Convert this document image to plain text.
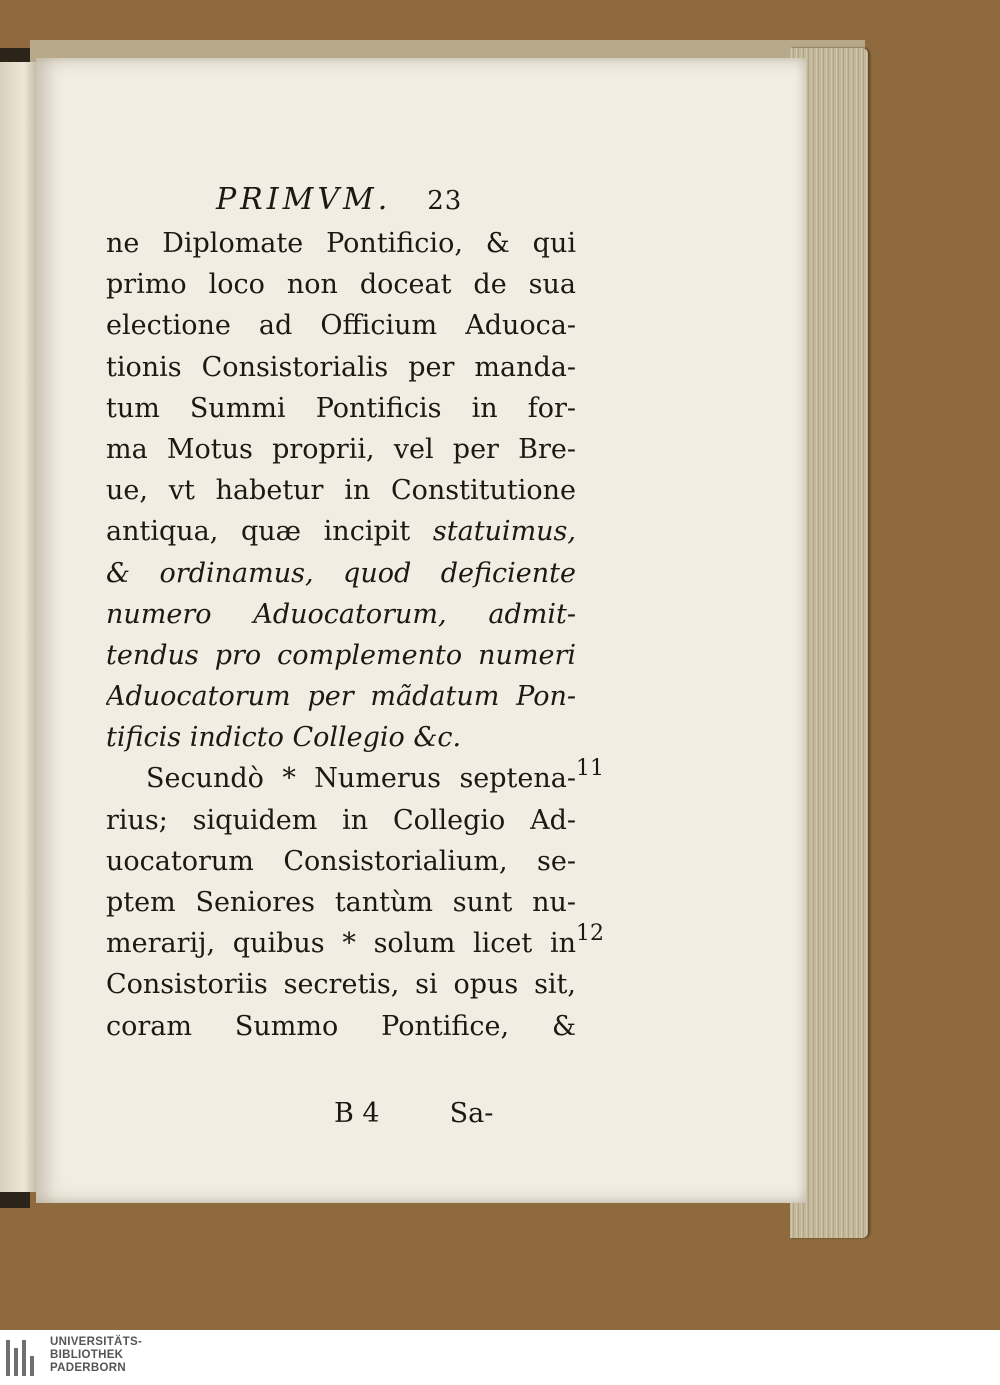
PRIMVM. 23
ne Diplomate Pontificio, & qui
primo loco non doceat de sua
electione ad Officium Aduoca-
tionis Consistorialis per manda-
tum Summi Pontificis in for-
ma Motus proprii, vel per Bre-
ue, vt habetur in Constitutione
antiqua, quæ incipit statuimus,
& ordinamus, quod deficiente
numero Aduocatorum, admit-
tendus pro complemento numeri
Aduocatorum per mãdatum Pon-
tificis indicto Collegio &c.
Secundò * Numerus septena-
rius; siquidem in Collegio Ad-
uocatorum Consistorialium, se-
ptem Seniores tantùm sunt nu-
merarij, quibus * solum licet in
Consistoriis secretis, si opus sit,
coram Summo Pontifice, &
11
12
B 4	Sa-
UNIVERSITÄTS-
BIBLIOTHEK
PADERBORN
